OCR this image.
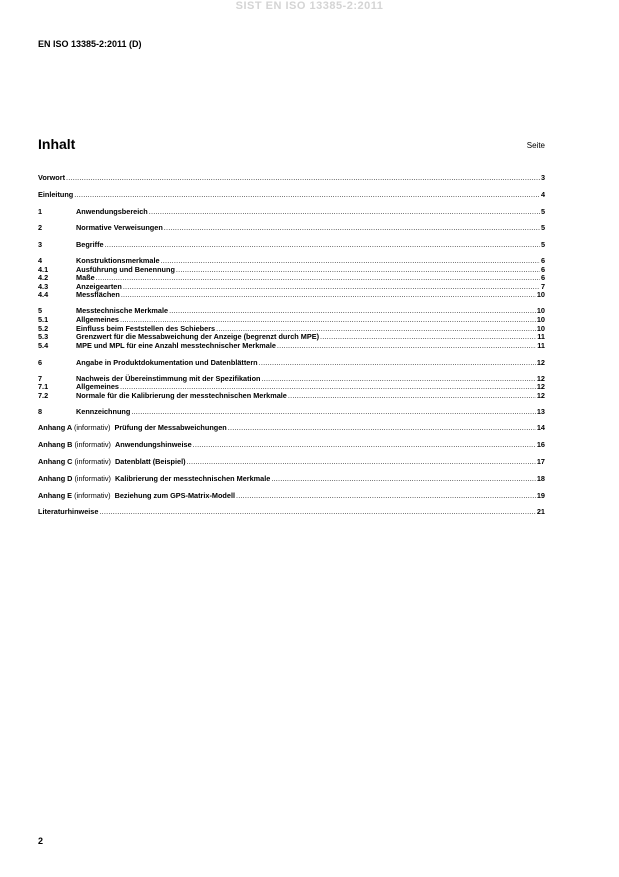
SIST EN ISO 13385-2:2011
EN ISO 13385-2:2011 (D)
Inhalt	Seite
Vorwort .....	3
Einleitung .....	4
1	Anwendungsbereich .....	5
2	Normative Verweisungen .....	5
3	Begriffe .....	5
4	Konstruktionsmerkmale .....	6
4.1	Ausführung und Benennung .....	6
4.2	Maße .....	6
4.3	Anzeigearten .....	7
4.4	Messflächen .....	10
5	Messtechnische Merkmale .....	10
5.1	Allgemeines .....	10
5.2	Einfluss beim Feststellen des Schiebers .....	10
5.3	Grenzwert für die Messabweichung der Anzeige (begrenzt durch MPE) .....	11
5.4	MPE und MPL für eine Anzahl messtechnischer Merkmale .....	11
6	Angabe in Produktdokumentation und Datenblättern .....	12
7	Nachweis der Übereinstimmung mit der Spezifikation .....	12
7.1	Allgemeines .....	12
7.2	Normale für die Kalibrierung der messtechnischen Merkmale .....	12
8	Kennzeichnung .....	13
Anhang A (informativ) Prüfung der Messabweichungen .....	14
Anhang B (informativ) Anwendungshinweise .....	16
Anhang C (informativ) Datenblatt (Beispiel) .....	17
Anhang D (informativ) Kalibrierung der messtechnischen Merkmale .....	18
Anhang E (informativ) Beziehung zum GPS-Matrix-Modell .....	19
Literaturhinweise .....	21
2
